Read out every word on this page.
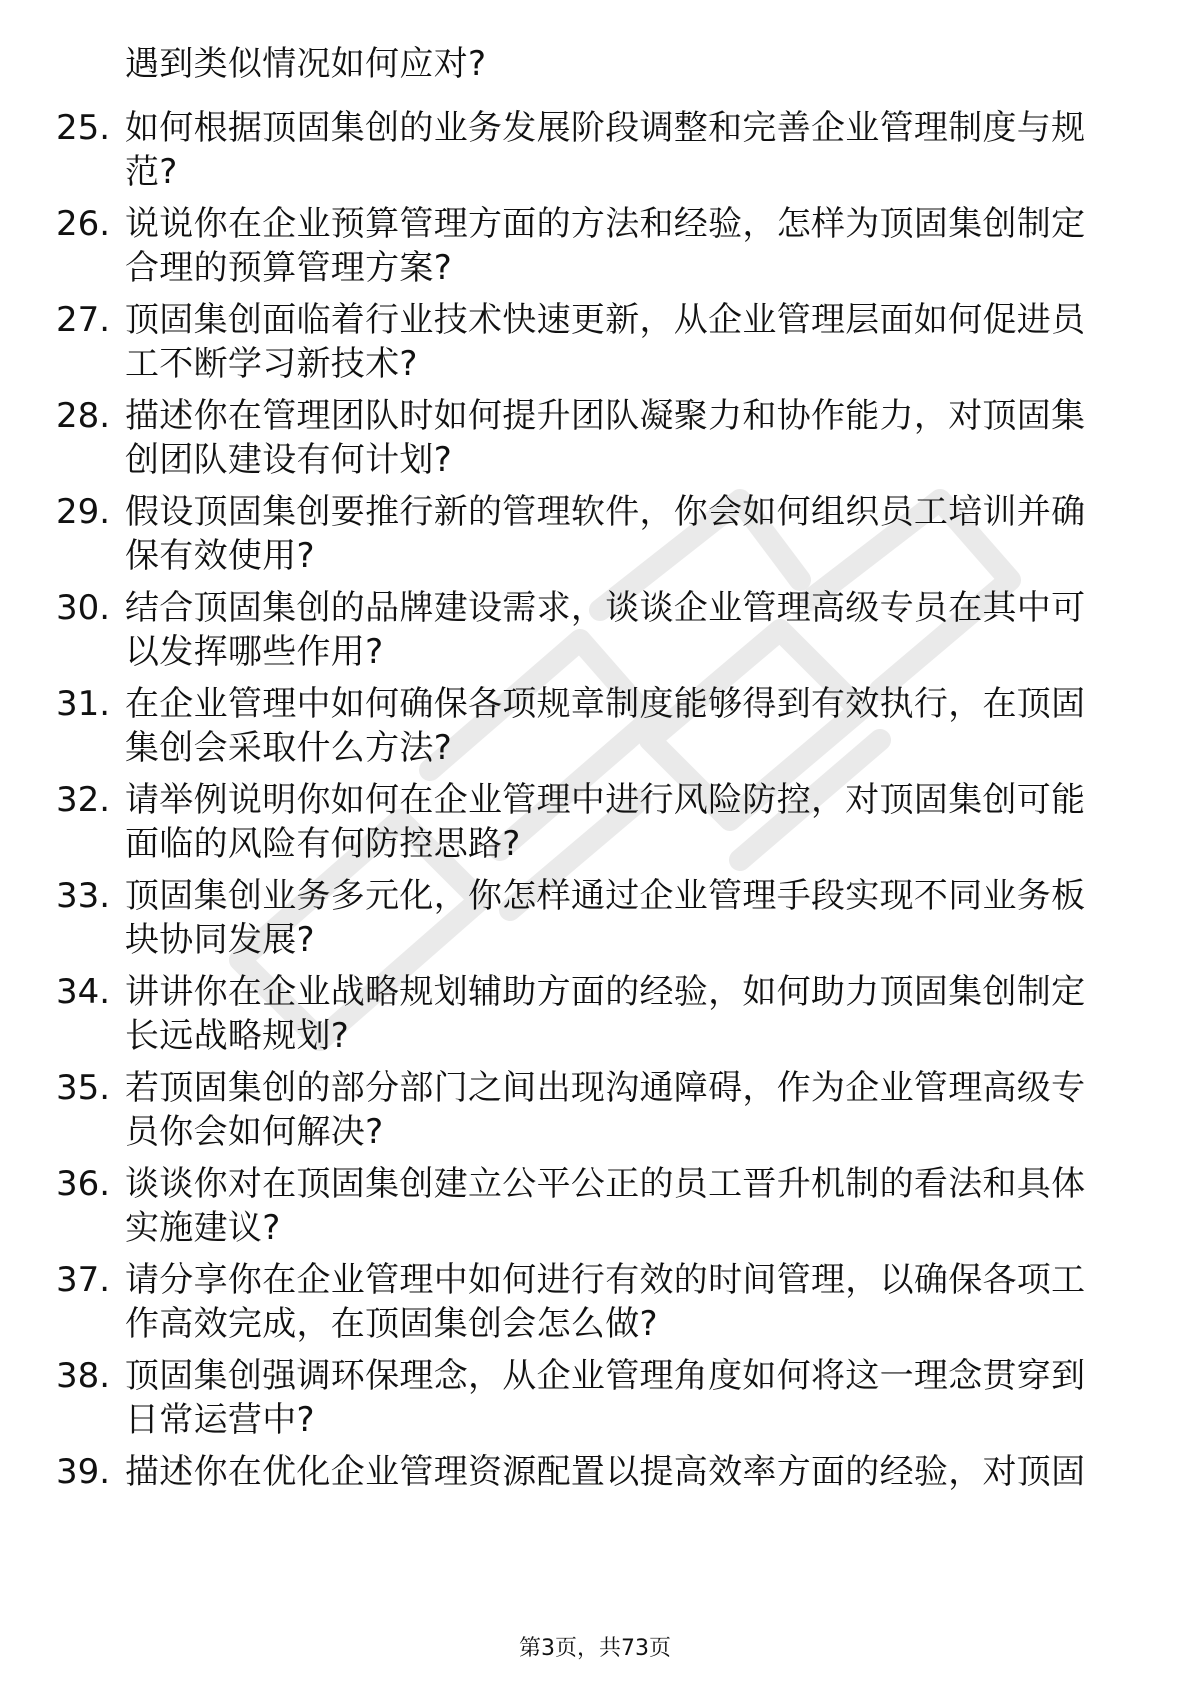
遇到类似情况如何应对?
25. 如何根据顶固集创的业务发展阶段调整和完善企业管理制度与规
范?
26. 说说你在企业预算管理方面的方法和经验，怎样为顶固集创制定
合理的预算管理方案?
27. 顶固集创面临着行业技术快速更新，从企业管理层面如何促进员
工不断学习新技术?
28. 描述你在管理团队时如何提升团队凝聚力和协作能力，对顶固集
创团队建设有何计划?
29. 假设顶固集创要推行新的管理软件，你会如何组织员工培训并确
保有效使用?
30. 结合顶固集创的品牌建设需求，谈谈企业管理高级专员在其中可
以发挥哪些作用?
31. 在企业管理中如何确保各项规章制度能够得到有效执行，在顶固
集创会采取什么方法?
32. 请举例说明你如何在企业管理中进行风险防控，对顶固集创可能
面临的风险有何防控思路?
33. 顶固集创业务多元化，你怎样通过企业管理手段实现不同业务板
块协同发展?
34. 讲讲你在企业战略规划辅助方面的经验，如何助力顶固集创制定
长远战略规划?
35. 若顶固集创的部分部门之间出现沟通障碍，作为企业管理高级专
员你会如何解决?
36. 谈谈你对在顶固集创建立公平公正的员工晋升机制的看法和具体
实施建议?
37. 请分享你在企业管理中如何进行有效的时间管理，以确保各项工
作高效完成，在顶固集创会怎么做?
38. 顶固集创强调环保理念，从企业管理角度如何将这一理念贯穿到
日常运营中?
39. 描述你在优化企业管理资源配置以提高效率方面的经验，对顶固
第3页，共73页
